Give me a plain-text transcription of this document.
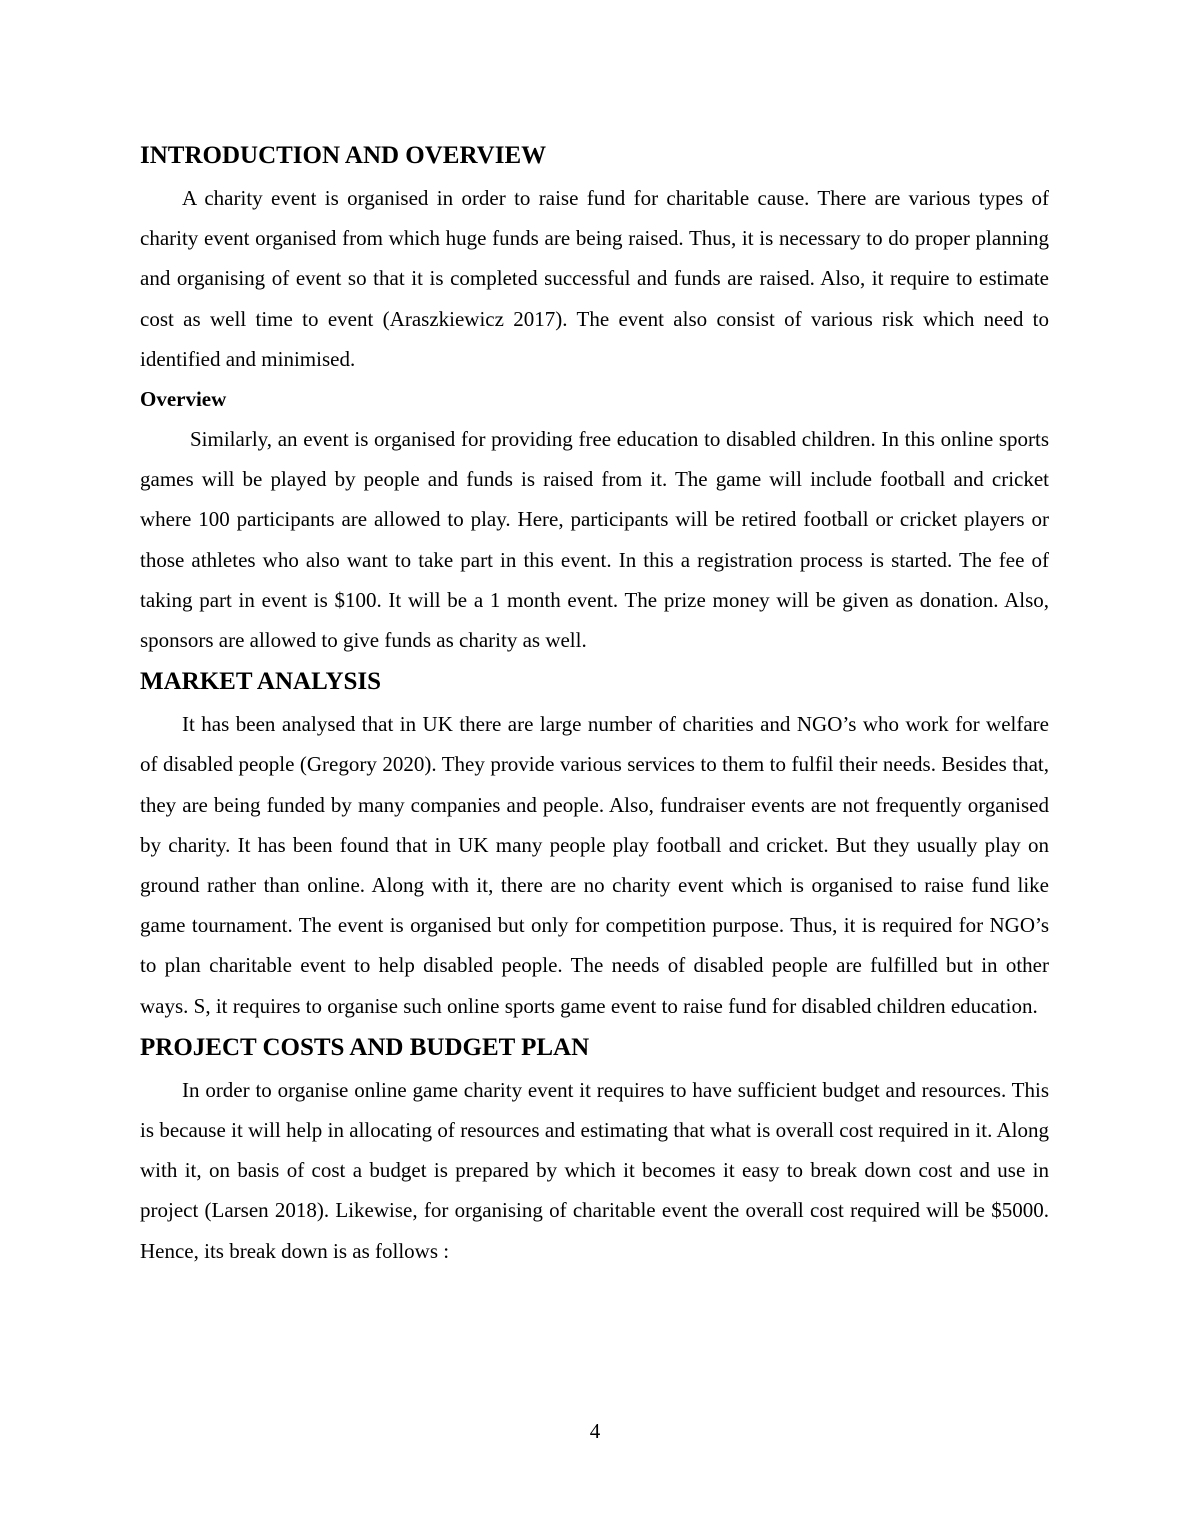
INTRODUCTION AND OVERVIEW

A charity event is organised in order to raise fund for charitable cause. There are various types of charity event organised from which huge funds are being raised. Thus, it is necessary to do proper planning and organising of event so that it is completed successful and funds are raised. Also, it require to estimate cost as well time to event (Araszkiewicz 2017). The event also consist of various risk which need to identified and minimised.

Overview

Similarly, an event is organised for providing free education to disabled children. In this online sports games will be played by people and funds is raised from it. The game will include football and cricket where 100 participants are allowed to play. Here, participants will be retired football or cricket players or those athletes who also want to take part in this event. In this a registration process is started. The fee of taking part in event is $100. It will be a 1 month event. The prize money will be given as donation. Also, sponsors are allowed to give funds as charity as well.

MARKET ANALYSIS

It has been analysed that in UK there are large number of charities and NGO’s who work for welfare of disabled people (Gregory 2020). They provide various services to them to fulfil their needs. Besides that, they are being funded by many companies and people. Also, fundraiser events are not frequently organised by charity. It has been found that in UK many people play football and cricket. But they usually play on ground rather than online. Along with it, there are no charity event which is organised to raise fund like game tournament. The event is organised but only for competition purpose. Thus, it is required for NGO’s to plan charitable event to help disabled people. The needs of disabled people are fulfilled but in other ways. S, it requires to organise such online sports game event to raise fund for disabled children education.

PROJECT COSTS AND BUDGET PLAN

In order to organise online game charity event it requires to have sufficient budget and resources. This is because it will help in allocating of resources and estimating that what is overall cost required in it. Along with it, on basis of cost a budget is prepared by which it becomes it easy to break down cost and use in project (Larsen 2018). Likewise, for organising of charitable event the overall cost required will be $5000. Hence, its break down is as follows :

4
